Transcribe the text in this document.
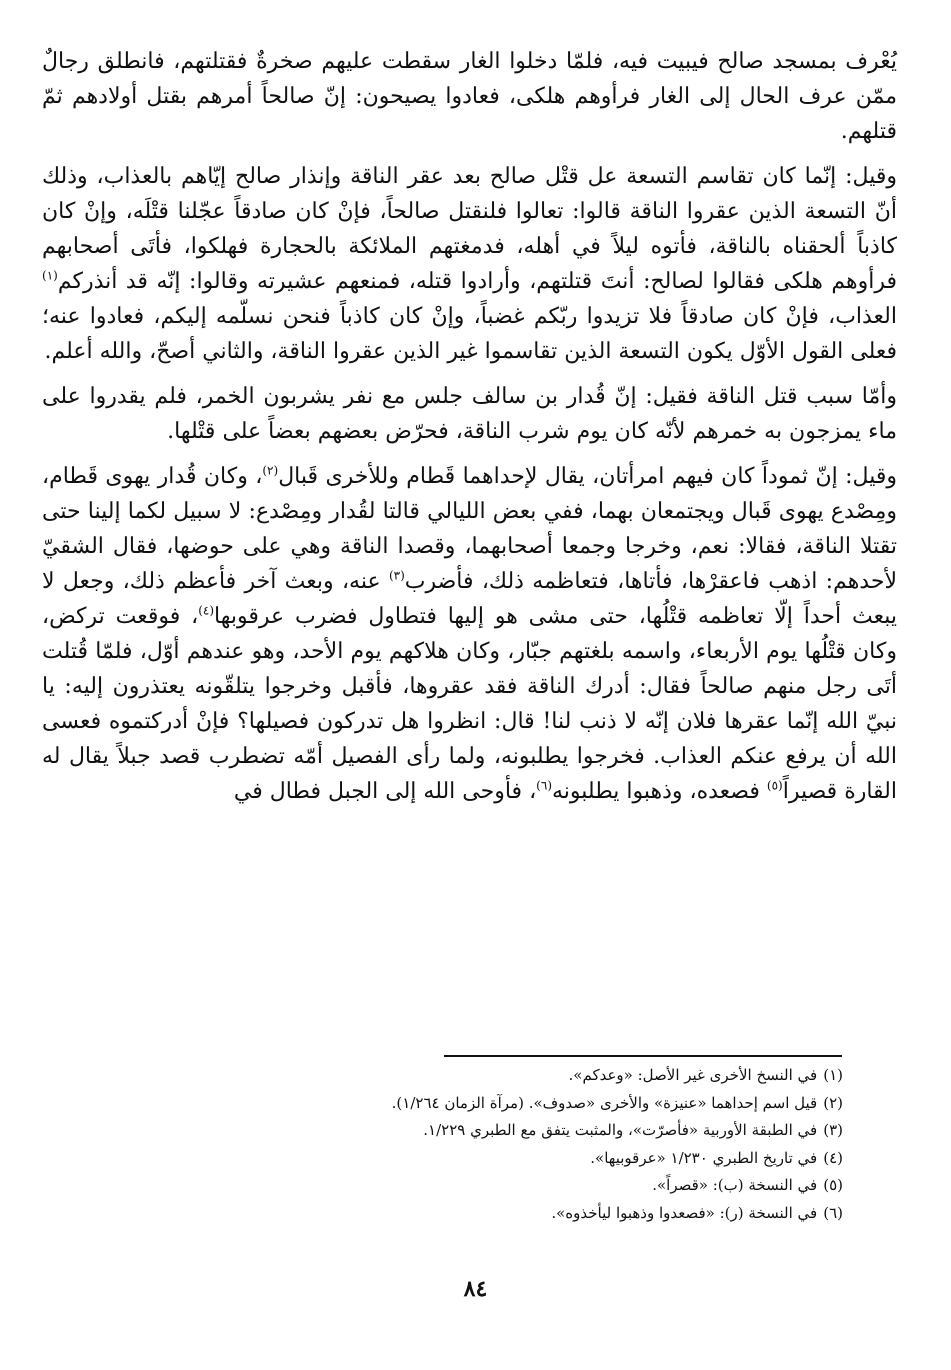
يُعْرف بمسجد صالح فيبيت فيه، فلمّا دخلوا الغار سقطت عليهم صخرةٌ فقتلتهم، فانطلق رجالٌ ممّن عرف الحال إلى الغار فرأوهم هلكى، فعادوا يصيحون: إنّ صالحاً أمرهم بقتل أولادهم ثمّ قتلهم.

وقيل: إنّما كان تقاسم التسعة عل قتْل صالح بعد عقر الناقة وإنذار صالح إيّاهم بالعذاب، وذلك أنّ التسعة الذين عقروا الناقة قالوا: تعالوا فلنقتل صالحاً، فإنْ كان صادقاً عجّلنا قتْلَه، وإنْ كان كاذباً ألحقناه بالناقة، فأتوه ليلاً في أهله، فدمغتهم الملائكة بالحجارة فهلكوا، فأتَى أصحابهم فرأوهم هلكى فقالوا لصالح: أنتَ قتلتهم، وأرادوا قتله، فمنعهم عشيرته وقالوا: إنّه قد أنذركم$^{(١)}$ العذاب، فإنْ كان صادقاً فلا تزيدوا ربّكم غضباً، وإنْ كان كاذباً فنحن نسلّمه إليكم، فعادوا عنه؛ فعلى القول الأوّل يكون التسعة الذين تقاسموا غير الذين عقروا الناقة، والثاني أصحّ، والله أعلم.

وأمّا سبب قتل الناقة فقيل: إنّ قُدار بن سالف جلس مع نفر يشربون الخمر، فلم يقدروا على ماء يمزجون به خمرهم لأنّه كان يوم شرب الناقة، فحرّض بعضهم بعضاً على قتْلها.

وقيل: إنّ ثموداً كان فيهم امرأتان، يقال لإحداهما قَطام وللأخرى قَبال$^{(٢)}$، وكان قُدار يهوى قَطام، ومِصْدع يهوى قَبال ويجتمعان بهما، ففي بعض الليالي قالتا لقُدار ومِصْدع: لا سبيل لكما إلينا حتى تقتلا الناقة، فقالا: نعم، وخرجا وجمعا أصحابهما، وقصدا الناقة وهي على حوضها، فقال الشقيّ لأحدهم: اذهب فاعقرْها، فأتاها، فتعاظمه ذلك، فأضرب$^{(٣)}$ عنه، وبعث آخر فأعظم ذلك، وجعل لا يبعث أحداً إلّا تعاظمه قتْلُها، حتى مشى هو إليها فتطاول فضرب عرقوبها$^{(٤)}$، فوقعت تركض، وكان قتْلُها يوم الأربعاء، واسمه بلغتهم جبّار، وكان هلاكهم يوم الأحد، وهو عندهم أوّل، فلمّا قُتلت أتَى رجل منهم صالحاً فقال: أدرك الناقة فقد عقروها، فأقبل وخرجوا يتلقّونه يعتذرون إليه: يا نبيّ الله إنّما عقرها فلان إنّه لا ذنب لنا! قال: انظروا هل تدركون فصيلها؟ فإنْ أدركتموه فعسى الله أن يرفع عنكم العذاب. فخرجوا يطلبونه، ولما رأى الفصيل أمّه تضطرب قصد جبلاً يقال له القارة قصيراً$^{(٥)}$ فصعده، وذهبوا يطلبونه$^{(٦)}$، فأوحى الله إلى الجبل فطال في

(١)في النسخ الأخرى غير الأصل: «وعدكم».
(٢)قيل اسم إحداهما «عنيزة» والأخرى «صدوف». (مرآة الزمان ١/٢٦٤).
(٣)في الطبقة الأوربية «فأصرّت»، والمثبت يتفق مع الطبري ١/٢٢٩.
(٤)في تاريخ الطبري ١/٢٣٠ «عرقوبيها».
(٥)في النسخة (ب): «قصراً».
(٦)في النسخة (ر): «فصعدوا وذهبوا ليأخذوه».
٨٤
